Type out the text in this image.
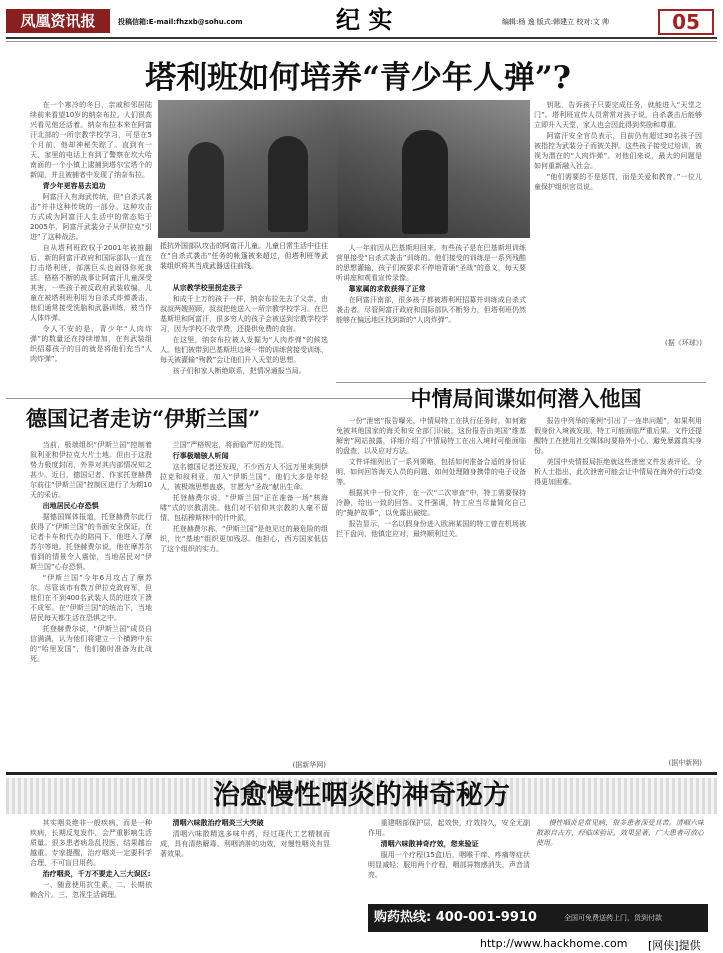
凤凰资讯报	投稿信箱:E-mail:fhzxb@sohu.com	纪 实	编辑:杨 逸 版式:韩建立 校对:文 帅	05
塔利班如何培养“青少年人弹”?

在一个寒冷的冬日，亲戚和邻居陆续前来看望10岁的纳奈布拉。人们很高兴看见他还活着。纳奈布拉本来在阿富汗北部的一所宗教学校学习，可是在5个月前，他却神秘失踪了。直到有一天，家里的电话上有到了警察在坎大哈南面的一个小镇上逮捕到塔尔宝塔个的新闻，并且被捕者中发现了纳奈布拉。

青少年更容易去追功

阿富汗人有海武传统，但“自杀式袭击”并非这种传统的一部分。这种攻击方式成为阿富汗人生活中的常态始于2005年，阿富汗武装分子从伊拉克“引进”了这种战法。

自从塔利班政权于2001年被推翻后，新的阿富汗政府和国际部队一直在打击塔利班，部落巨头也闹得你死我活。格格不断的战事让阿富汗儿童深受其害，一些孩子被反政府武装收编，儿童在被塔利班利用为自杀式炸弹袭击，他们通常接受洗脑和武器训练，被当作人体炸弹。

令人不安的是，青少年“人肉炸弹”的数量还在持续增加，在有武装组织招募孩子的目的就是将他们充当“人肉炸弹”。

抵抗外国部队攻击的阿富汗儿童。儿童日常生活中往往在“自杀式袭击”任务的帐篷被来超过，但塔利班等武装组织将其当成武器送往前线。

从宗教学校里拐走孩子

和成千上万的孩子一样，纳奈布拉先去了父亲，由叔叔两嫂照顾，叔叔把他送入一所宗教学校学习。在巴基斯坦和阿富汗，很多穷人的孩子会被送到宗教学校学习，因为学校不收学费，还提供免费的食宿。

在这里，纳奈布拉被人发掘为“人肉炸弹”的候选人。他们被带到巴基斯坦边境一带的训练营接受训练，每天被灌输“殉教”会让他们升入天堂的思想。

孩子们和家人断绝联系，把情况通报当局。

人一年前因从巴基斯坦回来。有些孩子是在巴基斯坦训练营里接受“自杀式袭击”训练的。他们接受的训练是一系列残酷的思想灌输，孩子们被要求不停地背诵“圣战”的意义，每天要听讲座和观看宣传录像。

靠家属的求救获得了正常

在阿富汗南部，很多孩子都被塔利班招募并训练成自杀式袭击者。尽管阿富汗政府和国际部队不断努力，但塔利班仍然能够在偏远地区找到新的“人肉炸弹”。

钥匙，告诉孩子只要完成任务，就能进入“天堂之门”。塔利班宣传人员常常对孩子说，自杀袭击后能够立即升入天堂，家人也会因此得到奖励和尊重。

阿富汗安全官员表示，目前仍有超过30名孩子因被指控为武装分子而被关押。这些孩子接受过培训，被视为潜在的“人肉炸弹”。对他们来说，最大的问题是如何重新融入社会。

“他们需要的不是惩罚，而是关爱和教育。”一位儿童保护组织官员说。

(据《环球》)
德国记者走访“伊斯兰国”

当前，极端组织“伊斯兰国”控制着叙利亚和伊拉克大片土地。但由于这股势力极度封闭，外界对其内部情况知之甚少。近日，德国记者、作家托登赫费尔前往“伊斯兰国”控制区进行了为期10天的采访。

出地居民心存恐惧

据德国媒体报道，托登赫费尔此行获得了“伊斯兰国”的书面安全保证，在记者卡车和代办的陪同下，他进入了摩苏尔等地。托登赫费尔说，他在摩苏尔看到的情景令人震惊，当地居民对“伊斯兰国”心存恐惧。

“伊斯兰国”今年6月攻占了摩苏尔。尽管该市有数万伊拉克政府军，但他们在不到400名武装人员的进攻下溃不成军。在“伊斯兰国”的统治下，当地居民每天都生活在恐惧之中。

托登赫费尔说，“伊斯兰国”成员自信满满，认为他们将建立一个横跨中东的“哈里发国”，他们随时准备为此战死。

兰国”严格规定，将面临严厉的处罚。

行事极端骇人听闻

这名德国记者还发现，不少西方人不远万里来到伊拉克和叙利亚，加入“伊斯兰国”。他们大多是年轻人，被极端思想蛊惑，甘愿为“圣战”献出生命。

托登赫费尔说，“伊斯兰国”正在准备一场“核海啸”式的宗教清洗。他们对不信仰其宗教的人毫不留情，包括穆斯林中的什叶派。

托登赫费尔称，“伊斯兰国”是他见过的最危险的组织，比“基地”组织更加残忍。他担心，西方国家低估了这个组织的实力。

(据新华网)
中情局间谍如何潜入他国

一份“泄密”报告曝光，中情局特工在执行任务时，如何避免被其他国家的海关和安全部门识破。这份报告由美国“维基解密”网站披露，详细介绍了中情局特工在出入境时可能面临的盘查，以及应对方法。

文件详细列出了一系列策略，包括如何准备合适的身份证明、如何回答海关人员的问题、如何处理随身携带的电子设备等。

根据其中一份文件，在一次“二次审查”中，特工需要保持冷静，给出一致的回答。文件强调，特工应当尽量简化自己的“掩护故事”，以免露出破绽。

报告显示，一名以假身份进入欧洲某国的特工曾在机场被拦下盘问，他镇定应对，最终顺利过关。

报告中列举的案例“引出了一连串问题”，如果利用假身份入境被发现，特工可能面临严重后果。文件还提醒特工在使用社交媒体时要格外小心，避免暴露真实身份。

美国中央情报局拒绝就这些泄密文件发表评论。分析人士指出，此次泄密可能会让中情局在海外的行动变得更加困难。

(据中新网)
治愈慢性咽炎的神奇秘方

其实咽炎绝非一般疾病，而是一种疾病，长期反复发作，会严重影响生活质量。很多患者病急乱投医，结果越治越重。专家提醒，治疗咽炎一定要科学合理，不可盲目用药。

治疗咽炎，千万不要走入三大误区:

一、随意使用抗生素。二、长期依赖含片。三、忽视生活调理。

清咽六味散治疗咽炎三大突破

清咽六味散精选多味中药，经过现代工艺精制而成，具有清热解毒、利咽消肿的功效，对慢性咽炎有显著效果。

重建咽部保护层，起效快，疗效持久，安全无副作用。

清咽六味散神奇疗效，您来验证

服用一个疗程(15盒)后，咽喉干痒、疼痛等症状明显减轻；服用两个疗程，咽部异物感消失，声音清亮。

慢性咽炎是常见病，很多患者深受其苦。清咽六味散源自古方，经临床验证，效果显著，广大患者可放心使用。

购药热线: 400-001-9910	全国可免费送药上门，货到付款
http://www.hackhome.com [网侠]提供
